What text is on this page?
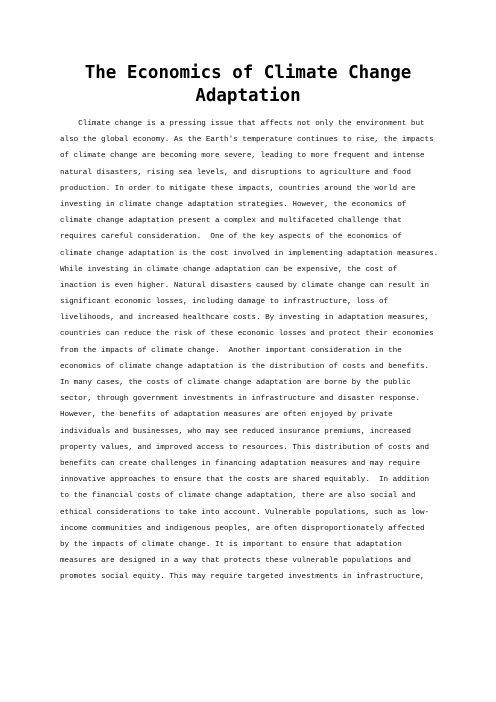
The Economics of Climate Change
Adaptation
Climate change is a pressing issue that affects not only the environment but
also the global economy. As the Earth's temperature continues to rise, the impacts
of climate change are becoming more severe, leading to more frequent and intense
natural disasters, rising sea levels, and disruptions to agriculture and food
production. In order to mitigate these impacts, countries around the world are
investing in climate change adaptation strategies. However, the economics of
climate change adaptation present a complex and multifaceted challenge that
requires careful consideration.  One of the key aspects of the economics of
climate change adaptation is the cost involved in implementing adaptation measures.
While investing in climate change adaptation can be expensive, the cost of
inaction is even higher. Natural disasters caused by climate change can result in
significant economic losses, including damage to infrastructure, loss of
livelihoods, and increased healthcare costs. By investing in adaptation measures,
countries can reduce the risk of these economic losses and protect their economies
from the impacts of climate change.  Another important consideration in the
economics of climate change adaptation is the distribution of costs and benefits.
In many cases, the costs of climate change adaptation are borne by the public
sector, through government investments in infrastructure and disaster response.
However, the benefits of adaptation measures are often enjoyed by private
individuals and businesses, who may see reduced insurance premiums, increased
property values, and improved access to resources. This distribution of costs and
benefits can create challenges in financing adaptation measures and may require
innovative approaches to ensure that the costs are shared equitably.  In addition
to the financial costs of climate change adaptation, there are also social and
ethical considerations to take into account. Vulnerable populations, such as low-
income communities and indigenous peoples, are often disproportionately affected
by the impacts of climate change. It is important to ensure that adaptation
measures are designed in a way that protects these vulnerable populations and
promotes social equity. This may require targeted investments in infrastructure,
